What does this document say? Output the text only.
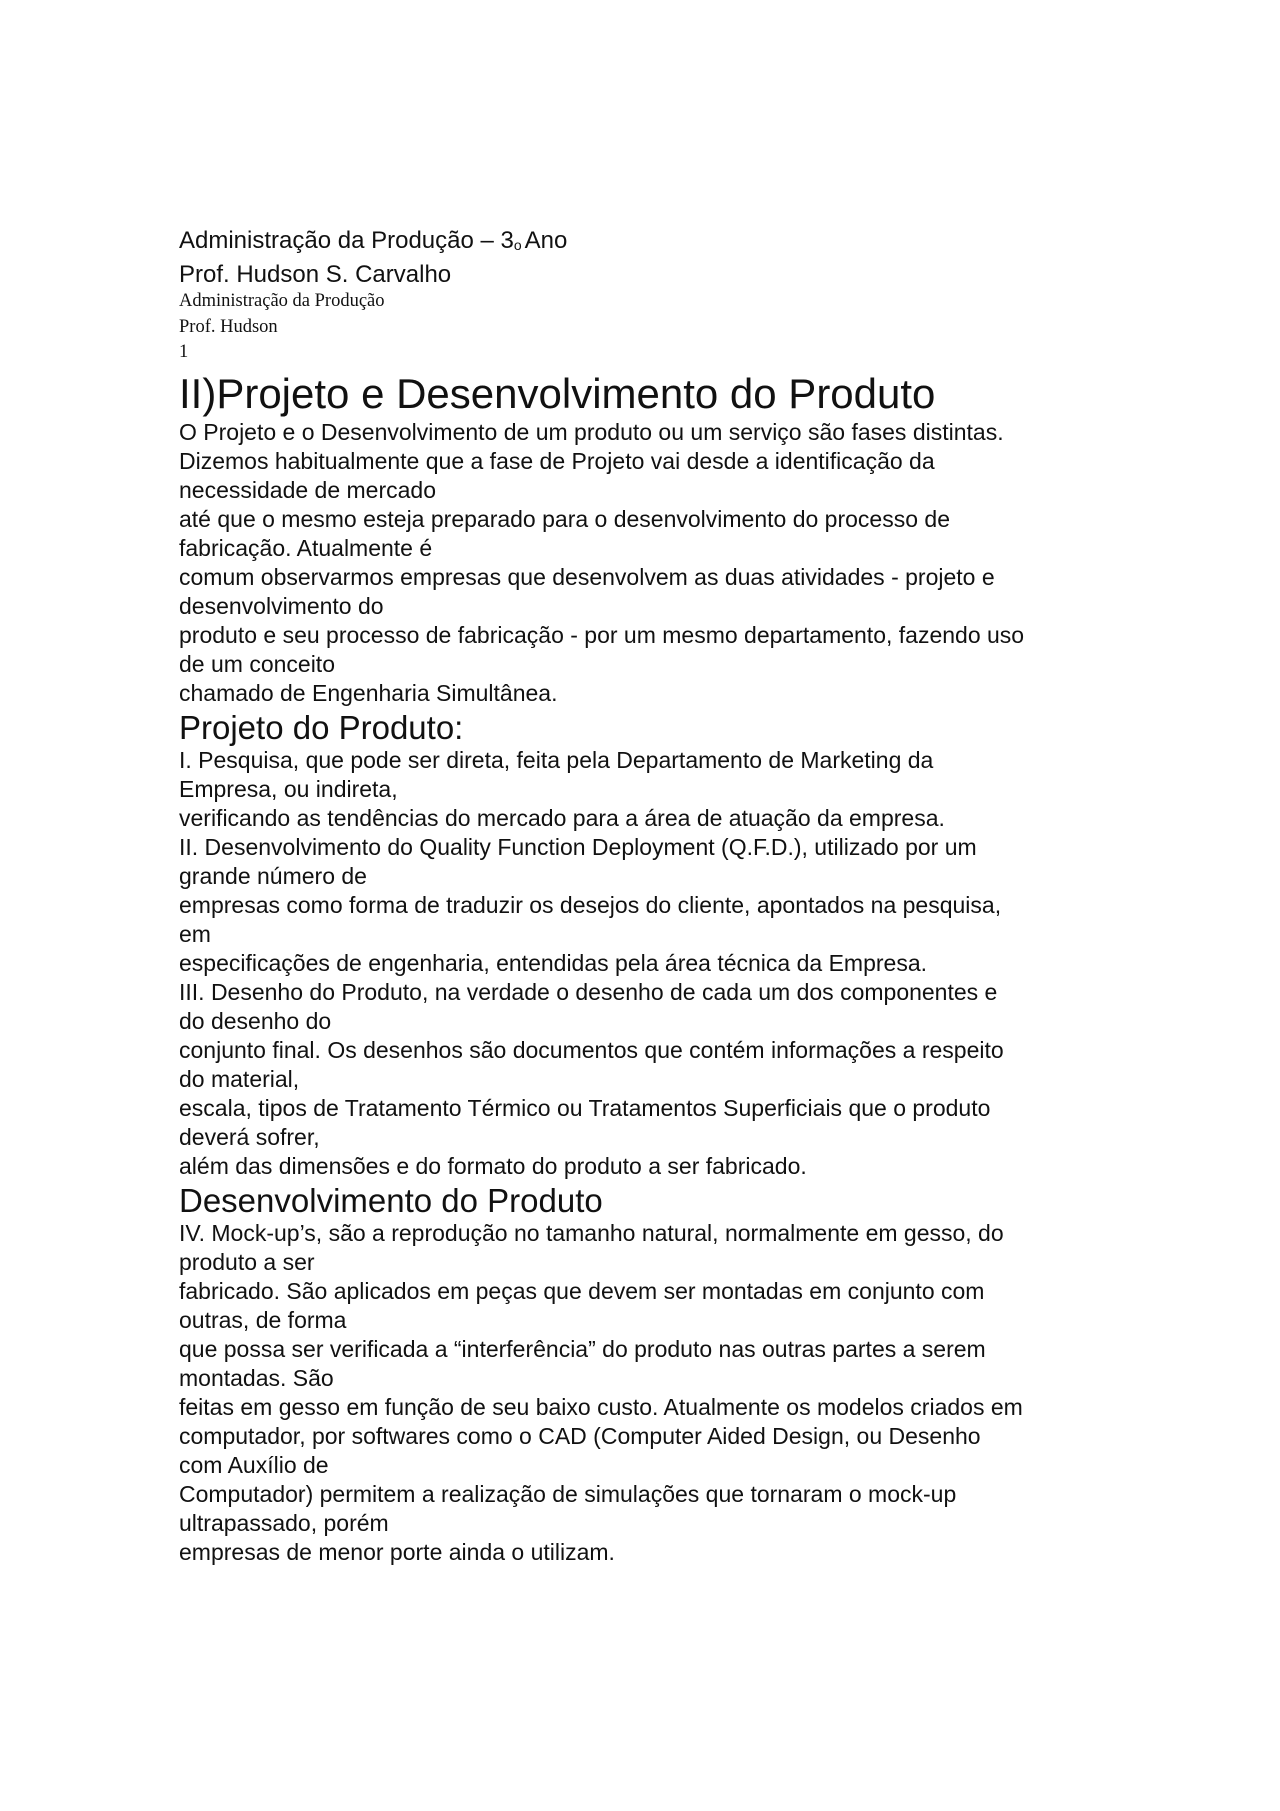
Administração da Produção – 3o Ano

Prof. Hudson S. Carvalho

Administração da Produção

Prof. Hudson

1

II)Projeto e Desenvolvimento do Produto

O Projeto e o Desenvolvimento de um produto ou um serviço são fases distintas.

Dizemos habitualmente que a fase de Projeto vai desde a identificação da

necessidade de mercado

até que o mesmo esteja preparado para o desenvolvimento do processo de

fabricação. Atualmente é

comum observarmos empresas que desenvolvem as duas atividades - projeto e

desenvolvimento do

produto e seu processo de fabricação - por um mesmo departamento, fazendo uso

de um conceito

chamado de Engenharia Simultânea.

Projeto do Produto:

I. Pesquisa, que pode ser direta, feita pela Departamento de Marketing da

Empresa, ou indireta,

verificando as tendências do mercado para a área de atuação da empresa.

II. Desenvolvimento do Quality Function Deployment (Q.F.D.), utilizado por um

grande número de

empresas como forma de traduzir os desejos do cliente, apontados na pesquisa,

em

especificações de engenharia, entendidas pela área técnica da Empresa.

III. Desenho do Produto, na verdade o desenho de cada um dos componentes e

do desenho do

conjunto final. Os desenhos são documentos que contém informações a respeito

do material,

escala, tipos de Tratamento Térmico ou Tratamentos Superficiais que o produto

deverá sofrer,

além das dimensões e do formato do produto a ser fabricado.

Desenvolvimento do Produto

IV. Mock-up’s, são a reprodução no tamanho natural, normalmente em gesso, do

produto a ser

fabricado. São aplicados em peças que devem ser montadas em conjunto com

outras, de forma

que possa ser verificada a “interferência” do produto nas outras partes a serem

montadas. São

feitas em gesso em função de seu baixo custo. Atualmente os modelos criados em

computador, por softwares como o CAD (Computer Aided Design, ou Desenho

com Auxílio de

Computador) permitem a realização de simulações que tornaram o mock-up

ultrapassado, porém

empresas de menor porte ainda o utilizam.
